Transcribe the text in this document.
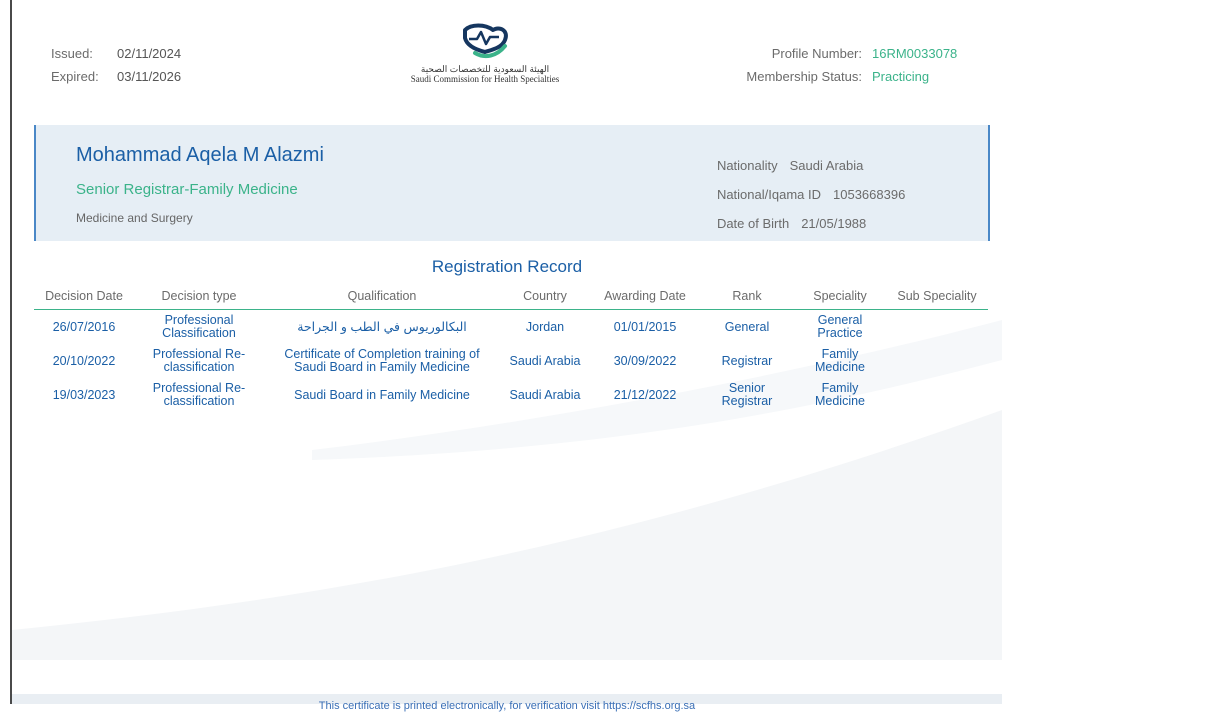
Issued: 02/11/2024
Expired: 03/11/2026	الهيئة السعودية للتخصصات الصحية
Saudi Commission for Health Specialties
Profile Number: 16RM0033078
Membership Status: Practicing
Mohammad Aqela M Alazmi
Senior Registrar-Family Medicine
Medicine and Surgery
Nationality Saudi Arabia
National/Iqama ID 1053668396
Date of Birth 21/05/1988
Registration Record
Decision Date	Decision type	Qualification	Country	Awarding Date	Rank	Speciality	Sub Speciality
26/07/2016	Professional Classification	البكالوريوس في الطب و الجراحة	Jordan	01/01/2015	General	General Practice	
20/10/2022	Professional Re-classification	Certificate of Completion training of Saudi Board in Family Medicine	Saudi Arabia	30/09/2022	Registrar	Family Medicine	
19/03/2023	Professional Re-classification	Saudi Board in Family Medicine	Saudi Arabia	21/12/2022	Senior Registrar	Family Medicine	
This certificate is printed electronically, for verification visit https://scfhs.org.sa
